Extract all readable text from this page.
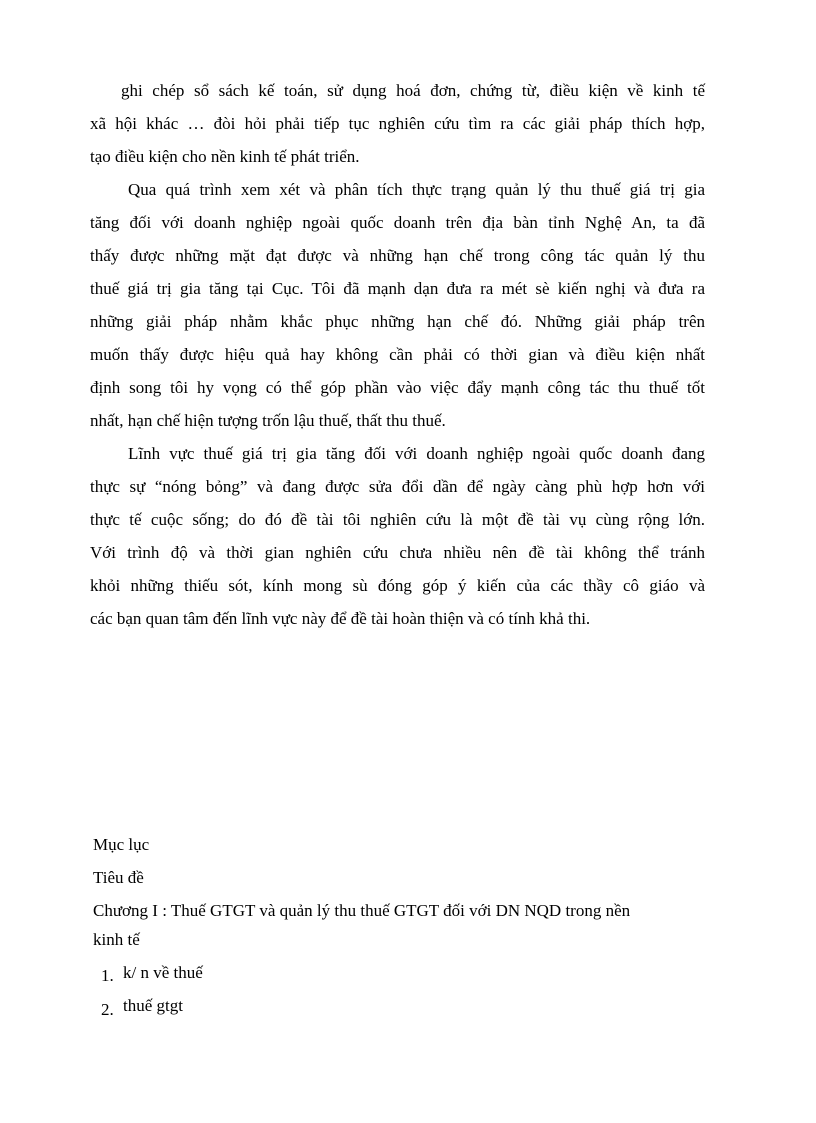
ghi chép sổ sách kế toán, sử dụng hoá đơn, chứng từ, điều kiện về kinh tế
xã hội khác … đòi hỏi phải tiếp tục nghiên cứu tìm ra các giải pháp thích hợp,
tạo điều kiện cho nền kinh tế phát triển.
Qua quá trình xem xét và phân tích thực trạng quản lý thu thuế giá trị gia
tăng đối với doanh nghiệp ngoài quốc doanh trên địa bàn tỉnh Nghệ An, ta đã
thấy được những mặt đạt được và những hạn chế trong công tác quản lý thu
thuế giá trị gia tăng tại Cục. Tôi đã mạnh dạn đưa ra mét sè kiến nghị và đưa ra
những giải pháp nhằm khắc phục những hạn chế đó. Những giải pháp trên
muốn thấy được hiệu quả hay không cần phải có thời gian và điều kiện nhất
định song tôi hy vọng có thể góp phần vào việc đẩy mạnh công tác thu thuế tốt
nhất, hạn chế hiện tượng trốn lậu thuế, thất thu thuế.
Lĩnh vực thuế giá trị gia tăng đối với doanh nghiệp ngoài quốc doanh đang
thực sự “nóng bỏng” và đang được sửa đổi dần để ngày càng phù hợp hơn với
thực tế cuộc sống; do đó đề tài tôi nghiên cứu là một đề tài vụ cùng rộng lớn.
Với trình độ và thời gian nghiên cứu chưa nhiều nên đề tài không thể tránh
khỏi những thiếu sót, kính mong sù đóng góp ý kiến của các thầy cô giáo và
các bạn quan tâm đến lĩnh vực này để đề tài hoàn thiện và có tính khả thi.
Mục lục
Tiêu đề
Chương I : Thuế GTGT và quản lý thu thuế GTGT đối với DN NQD trong nền
kinh tế
1. k/ n về thuế
2. thuế gtgt
